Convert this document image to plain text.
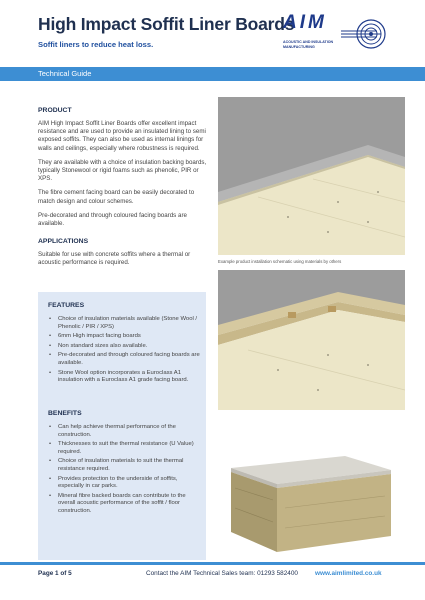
High Impact Soffit Liner Boards
Soffit liners to reduce heat loss.
AIM
ACOUSTIC AND INSULATION MANUFACTURING
Technical Guide
PRODUCT

AIM High Impact Soffit Liner Boards offer excellent impact resistance and are used to provide an insulated lining to semi exposed soffits. They can also be used as internal linings for walls and ceilings, especially where robustness is required.

They are available with a choice of insulation backing boards, typically Stonewool or rigid foams such as phenolic, PIR or XPS.

The fibre cement facing board can be easily decorated to match design and colour schemes.

Pre-decorated and through coloured facing boards are available.

APPLICATIONS

Suitable for use with concrete soffits where a thermal or acoustic performance is required.

FEATURES
• Choice of insulation materials available (Stone Wool / Phenolic / PIR / XPS)
• 6mm High impact facing boards
• Non standard sizes also available.
• Pre-decorated and through coloured facing boards are available.
• Stone Wool option incorporates a Euroclass A1 insulation with a Euroclass A1 grade facing board.
BENEFITS
• Can help achieve thermal performance of the construction.
• Thicknesses to suit the thermal resistance (U Value) required.
• Choice of insulation materials to suit the thermal resistance required.
• Provides protection to the underside of soffits, especially in car parks.
• Mineral fibre backed boards can contribute to the overall acoustic performance of the soffit / floor construction.
Example product installation schematic using materials by others
Page 1 of 5	Contact the AIM Technical Sales team: 01293 582400	www.aimlimited.co.uk
